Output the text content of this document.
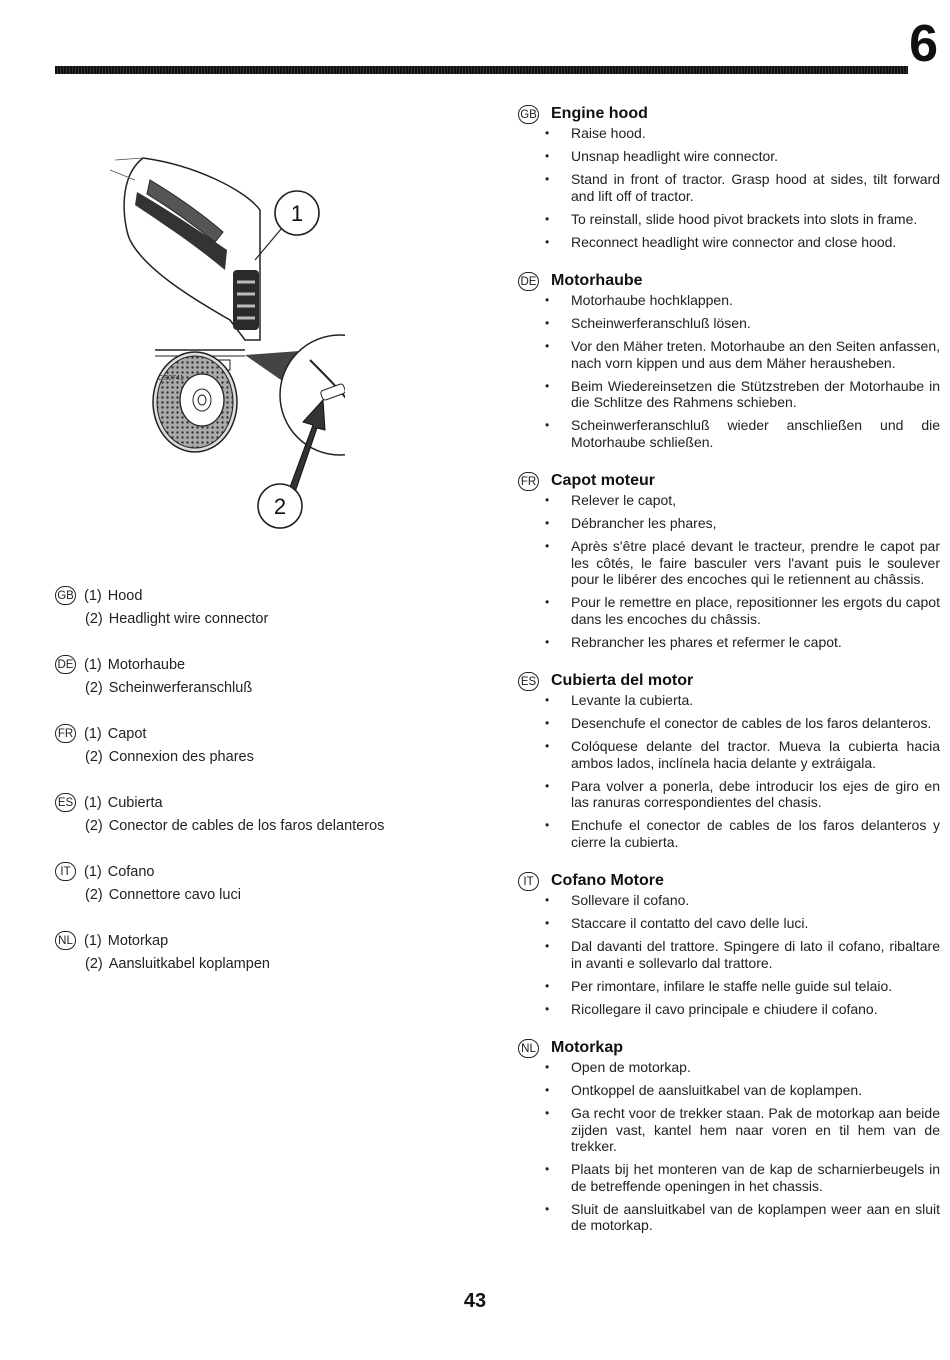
6
GS0741
1
2
GB (1) Hood
(2) Headlight wire connector
DE (1) Motorhaube
(2) Scheinwerferanschluß
FR (1) Capot
(2) Connexion des phares
ES (1) Cubierta
(2) Conector de cables de los faros delanteros
IT (1) Cofano
(2) Connettore cavo luci
NL (1) Motorkap
(2) Aansluitkabel koplampen
GB Engine hood
• Raise hood.
• Unsnap headlight wire connector.
• Stand in front of tractor. Grasp hood at sides, tilt forward and lift off of tractor.
• To reinstall, slide hood pivot brackets into slots in frame.
• Reconnect headlight wire connector and close hood.
DE Motorhaube
• Motorhaube hochklappen.
• Scheinwerferanschluß lösen.
• Vor den Mäher treten. Motorhaube an den Seiten anfassen, nach vorn kippen und aus dem Mäher herausheben.
• Beim Wiedereinsetzen die Stützstreben der Motorhaube in die Schlitze des Rahmens schieben.
• Scheinwerferanschluß wieder anschließen und die Motorhaube schließen.
FR Capot moteur
• Relever le capot,
• Débrancher les phares,
• Après s'être placé devant le tracteur, prendre le capot par les côtés, le faire basculer vers l'avant puis le soulever pour le libérer des encoches qui le retiennent au châssis.
• Pour le remettre en place, repositionner les ergots du capot dans les encoches du châssis.
• Rebrancher les phares et refermer le capot.
ES Cubierta del motor
• Levante la cubierta.
• Desenchufe el conector de cables de los faros delanteros.
• Colóquese delante del tractor. Mueva la cubierta hacia ambos lados, inclínela hacia delante y extráigala.
• Para volver a ponerla, debe introducir los ejes de giro en las ranuras correspondientes del chasis.
• Enchufe el conector de cables de los faros delanteros y cierre la cubierta.
IT	Cofano Motore
• Sollevare il cofano.
• Staccare il contatto del cavo delle luci.
• Dal davanti del trattore. Spingere di lato il cofano, ribaltare in avanti e sollevarlo dal trattore.
• Per rimontare, infilare le staffe nelle guide sul telaio.
• Ricollegare il cavo principale e chiudere il cofano.
NL Motorkap
• Open de motorkap.
• Ontkoppel de aansluitkabel van de koplampen.
• Ga recht voor de trekker staan. Pak de motorkap aan beide zijden vast, kantel hem naar voren en til hem van de trekker.
• Plaats bij het monteren van de kap de scharnierbeugels in de betreffende openingen in het chassis.
• Sluit de aansluitkabel van de koplampen weer aan en sluit de motorkap.
43
